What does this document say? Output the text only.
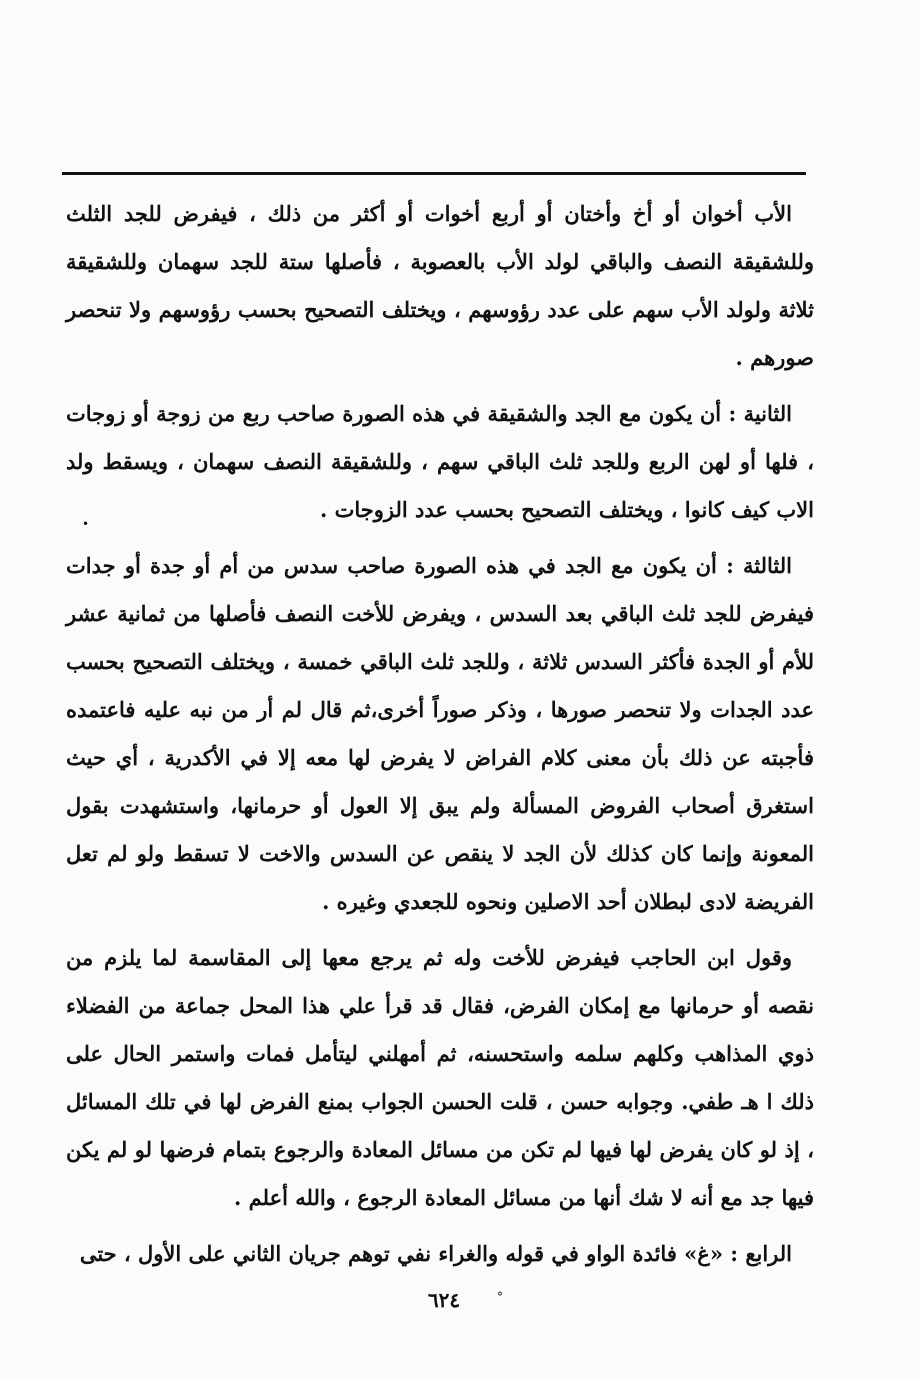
الأب أخوان أو أخ وأختان أو أربع أخوات أو أكثر من ذلك ، فيفرض للجد الثلث وللشقيقة النصف والباقي لولد الأب بالعصوبة ، فأصلها ستة للجد سهمان وللشقيقة ثلاثة ولولد الأب سهم على عدد رؤوسهم ، ويختلف التصحيح بحسب رؤوسهم ولا تنحصر صورهم .

الثانية : أن يكون مع الجد والشقيقة في هذه الصورة صاحب ربع من زوجة أو زوجات ، فلها أو لهن الربع وللجد ثلث الباقي سهم ، وللشقيقة النصف سهمان ، ويسقط ولد الاب كيف كانوا ، ويختلف التصحيح بحسب عدد الزوجات .

الثالثة : أن يكون مع الجد في هذه الصورة صاحب سدس من أم أو جدة أو جدات فيفرض للجد ثلث الباقي بعد السدس ، ويفرض للأخت النصف فأصلها من ثمانية عشر للأم أو الجدة فأكثر السدس ثلاثة ، وللجد ثلث الباقي خمسة ، ويختلف التصحيح بحسب عدد الجدات ولا تنحصر صورها ، وذكر صوراً أخرى،ثم قال لم أر من نبه عليه فاعتمده فأجبته عن ذلك بأن معنى كلام الفراض لا يفرض لها معه إلا في الأكدرية ، أي حيث استغرق أصحاب الفروض المسألة ولم يبق إلا العول أو حرمانها، واستشهدت بقول المعونة وإنما كان كذلك لأن الجد لا ينقص عن السدس والاخت لا تسقط ولو لم تعل الفريضة لادى لبطلان أحد الاصلين ونحوه للجعدي وغيره .

وقول ابن الحاجب فيفرض للأخت وله ثم يرجع معها إلى المقاسمة لما يلزم من نقصه أو حرمانها مع إمكان الفرض، فقال قد قرأ علي هذا المحل جماعة من الفضلاء ذوي المذاهب وكلهم سلمه واستحسنه، ثم أمهلني ليتأمل فمات واستمر الحال على ذلك ا هـ طفي. وجوابه حسن ، قلت الحسن الجواب بمنع الفرض لها في تلك المسائل ، إذ لو كان يفرض لها فيها لم تكن من مسائل المعادة والرجوع بتمام فرضها لو لم يكن فيها جد مع أنه لا شك أنها من مسائل المعادة الرجوع ، والله أعلم .

الرابع : «غ» فائدة الواو في قوله والغراء نفي توهم جريان الثاني على الأول ، حتى

٦٢٤
•
°
